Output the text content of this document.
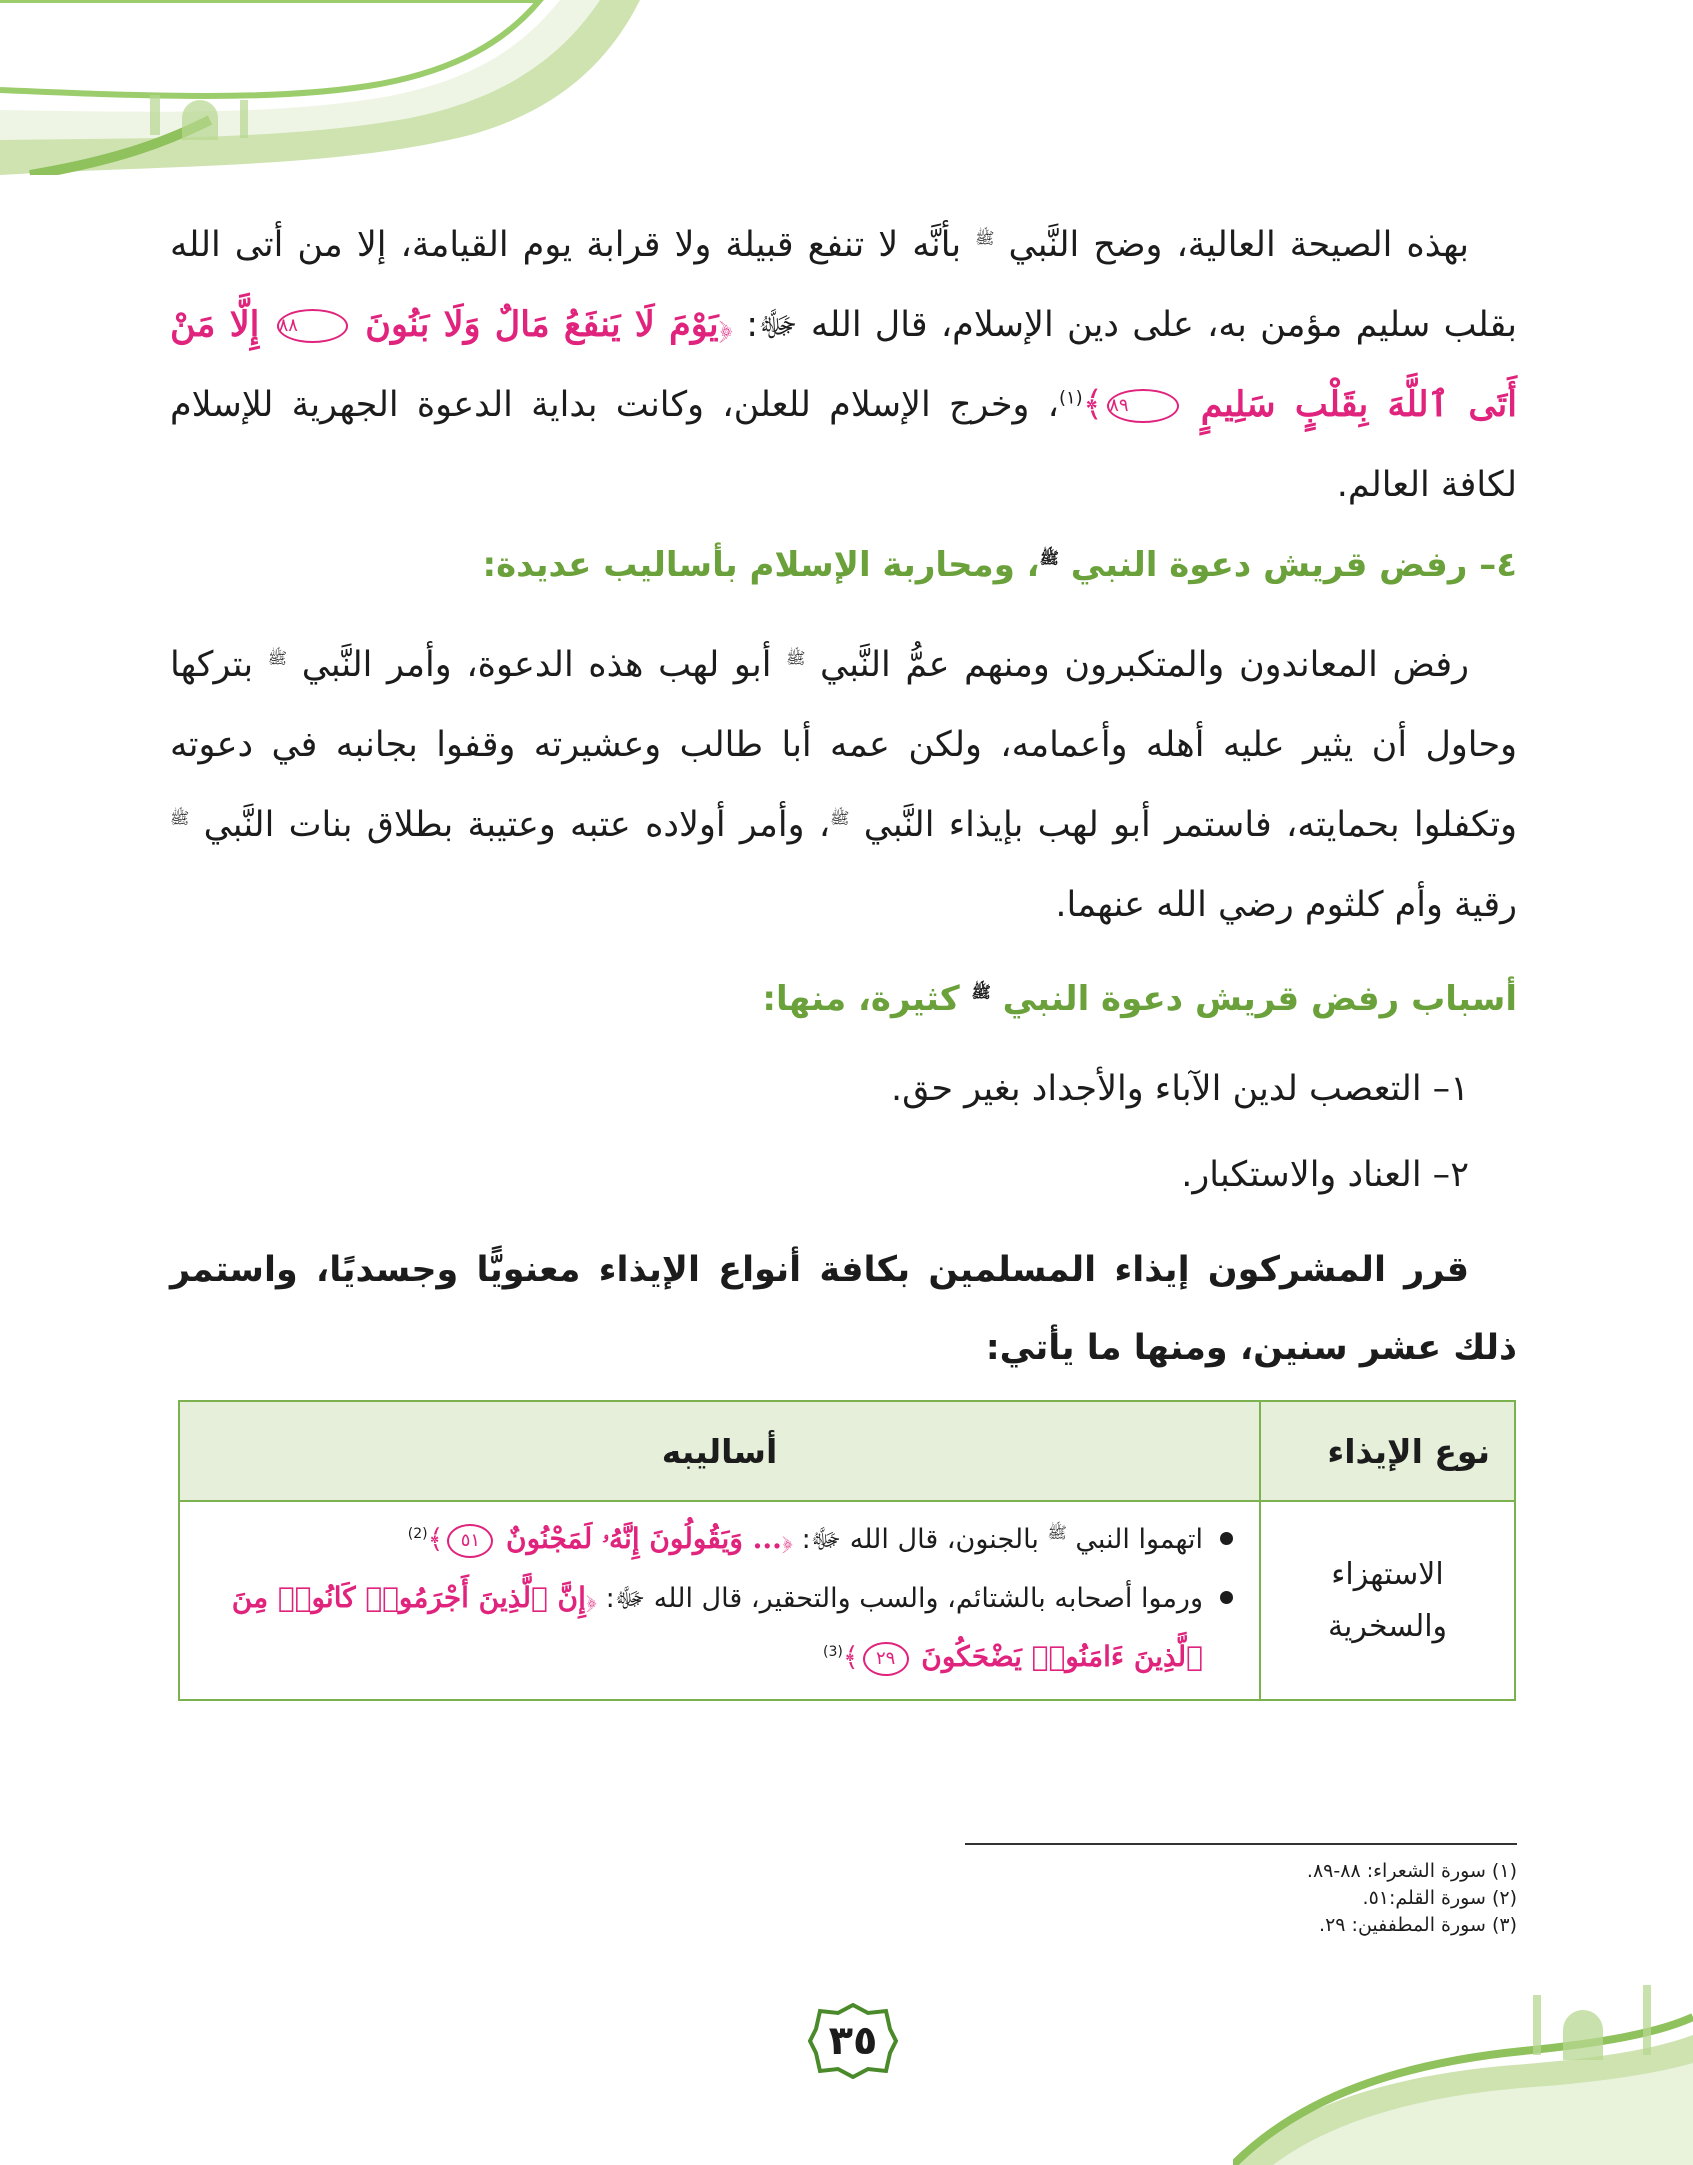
بهذه الصيحة العالية، وضح النَّبي $^ﷺ$ بأنَّه لا تنفع قبيلة ولا قرابة يوم القيامة، إلا من أتى الله بقلب سليم مؤمن به، على دين الإسلام، قال الله ﷻ: ﴿يَوْمَ لَا يَنفَعُ مَالٌ وَلَا بَنُونَ ٨٨ إِلَّا مَنْ أَتَى ٱللَّهَ بِقَلْبٍ سَلِيمٍ ٨٩﴾$^{(١)}$، وخرج الإسلام للعلن، وكانت بداية الدعوة الجهرية للإسلام لكافة العالم.

٤– رفض قريش دعوة النبي $^ﷺ$، ومحاربة الإسلام بأساليب عديدة:

رفض المعاندون والمتكبرون ومنهم عمُّ النَّبي $^ﷺ$ أبو لهب هذه الدعوة، وأمر النَّبي $^ﷺ$ بتركها وحاول أن يثير عليه أهله وأعمامه، ولكن عمه أبا طالب وعشيرته وقفوا بجانبه في دعوته وتكفلوا بحمايته، فاستمر أبو لهب بإيذاء النَّبي $^ﷺ$، وأمر أولاده عتبه وعتيبة بطلاق بنات النَّبي $^ﷺ$ رقية وأم كلثوم رضي الله عنهما.

أسباب رفض قريش دعوة النبي $^ﷺ$ كثيرة، منها:
١– التعصب لدين الآباء والأجداد بغير حق.
٢– العناد والاستكبار.

قرر المشركون إيذاء المسلمين بكافة أنواع الإيذاء معنويًّا وجسديًا، واستمر ذلك عشر سنين، ومنها ما يأتي:

نوع الإيذاء	أساليبه
الاستهزاء والسخرية	اتهموا النبي $^ﷺ$ بالجنون، قال الله ﷻ: ﴿... وَيَقُولُونَ إِنَّهُۥ لَمَجْنُونٌ ٥١﴾$^{(2)}$
ورموا أصحابه بالشتائم، والسب والتحقير، قال الله ﷻ: ﴿إِنَّ ٱلَّذِينَ أَجْرَمُوا۟ كَانُوا۟ مِنَ ٱلَّذِينَ ءَامَنُوا۟ يَضْحَكُونَ ٢٩﴾$^{(3)}$
(١) سورة الشعراء: ٨٨-٨٩.
(٢) سورة القلم:٥١.
(٣) سورة المطففين: ٢٩.
٣٥
